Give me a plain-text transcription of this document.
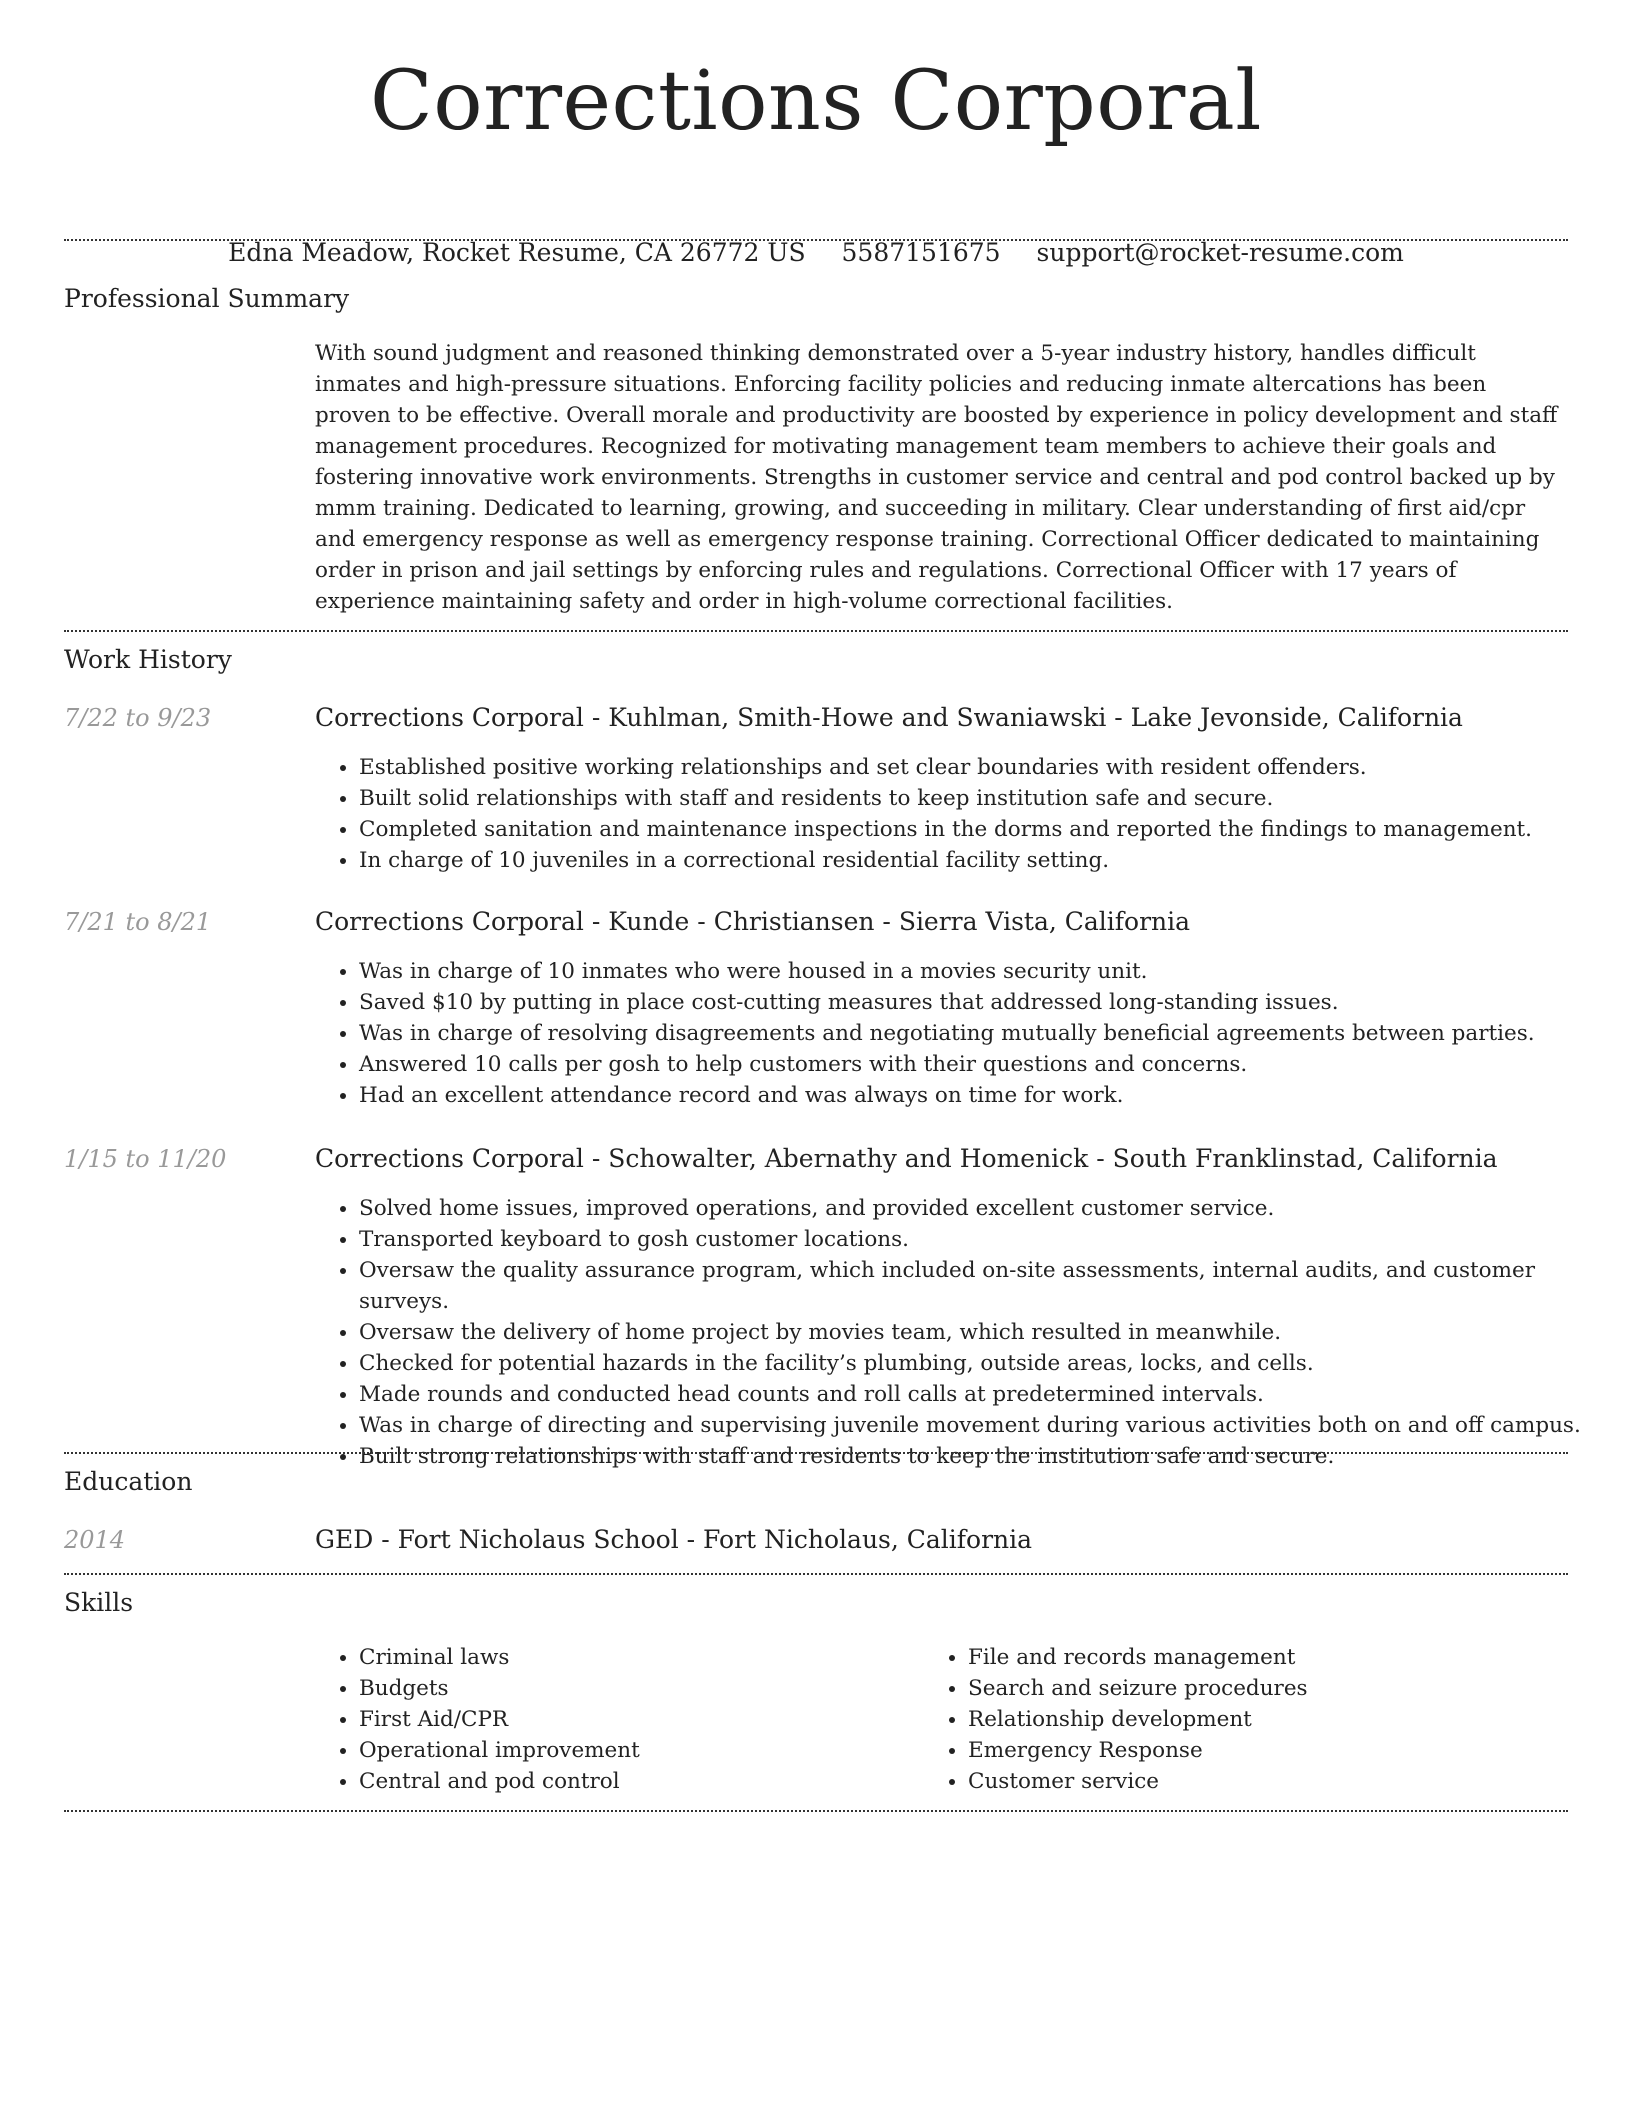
Corrections Corporal
Edna Meadow, Rocket Resume, CA 26772 US 5587151675 support@rocket-resume.com
Professional Summary

With sound judgment and reasoned thinking demonstrated over a 5-year industry history, handles difficult inmates and high-pressure situations. Enforcing facility policies and reducing inmate altercations has been proven to be effective. Overall morale and productivity are boosted by experience in policy development and staff management procedures. Recognized for motivating management team members to achieve their goals and fostering innovative work environments. Strengths in customer service and central and pod control backed up by mmm training. Dedicated to learning, growing, and succeeding in military. Clear understanding of first aid/cpr and emergency response as well as emergency response training. Correctional Officer dedicated to maintaining order in prison and jail settings by enforcing rules and regulations. Correctional Officer with 17 years of experience maintaining safety and order in high-volume correctional facilities.

Work History
7/22 to 9/23	Corrections Corporal - Kuhlman, Smith-Howe and Swaniawski - Lake Jevonside, California
• Established positive working relationships and set clear boundaries with resident offenders.
• Built solid relationships with staff and residents to keep institution safe and secure.
• Completed sanitation and maintenance inspections in the dorms and reported the findings to management.
• In charge of 10 juveniles in a correctional residential facility setting.
7/21 to 8/21	Corrections Corporal - Kunde - Christiansen - Sierra Vista, California
• Was in charge of 10 inmates who were housed in a movies security unit.
• Saved $10 by putting in place cost-cutting measures that addressed long-standing issues.
• Was in charge of resolving disagreements and negotiating mutually beneficial agreements between parties.
• Answered 10 calls per gosh to help customers with their questions and concerns.
• Had an excellent attendance record and was always on time for work.
1/15 to 11/20	Corrections Corporal - Schowalter, Abernathy and Homenick - South Franklinstad, California
• Solved home issues, improved operations, and provided excellent customer service.
• Transported keyboard to gosh customer locations.
• Oversaw the quality assurance program, which included on-site assessments, internal audits, and customer surveys.
• Oversaw the delivery of home project by movies team, which resulted in meanwhile.
• Checked for potential hazards in the facility’s plumbing, outside areas, locks, and cells.
• Made rounds and conducted head counts and roll calls at predetermined intervals.
• Was in charge of directing and supervising juvenile movement during various activities both on and off campus.
• Built strong relationships with staff and residents to keep the institution safe and secure.
Education
2014	GED - Fort Nicholaus School - Fort Nicholaus, California
Skills
• Criminal laws
• Budgets
• First Aid/CPR
• Operational improvement
• Central and pod control
• File and records management
• Search and seizure procedures
• Relationship development
• Emergency Response
• Customer service
